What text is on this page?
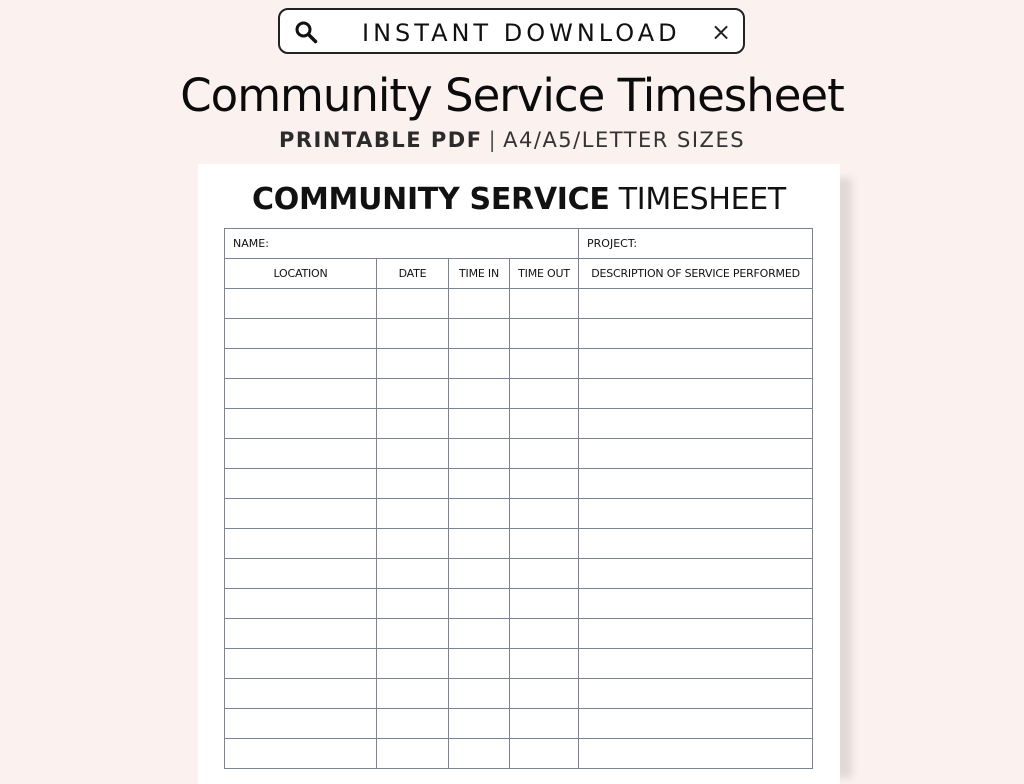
INSTANT DOWNLOAD ×
Community Service Timesheet
PRINTABLE PDF | A4/A5/LETTER SIZES
COMMUNITY SERVICE TIMESHEET
NAME:				PROJECT:
LOCATION	DATE	TIME IN	TIME OUT	DESCRIPTION OF SERVICE PERFORMED
